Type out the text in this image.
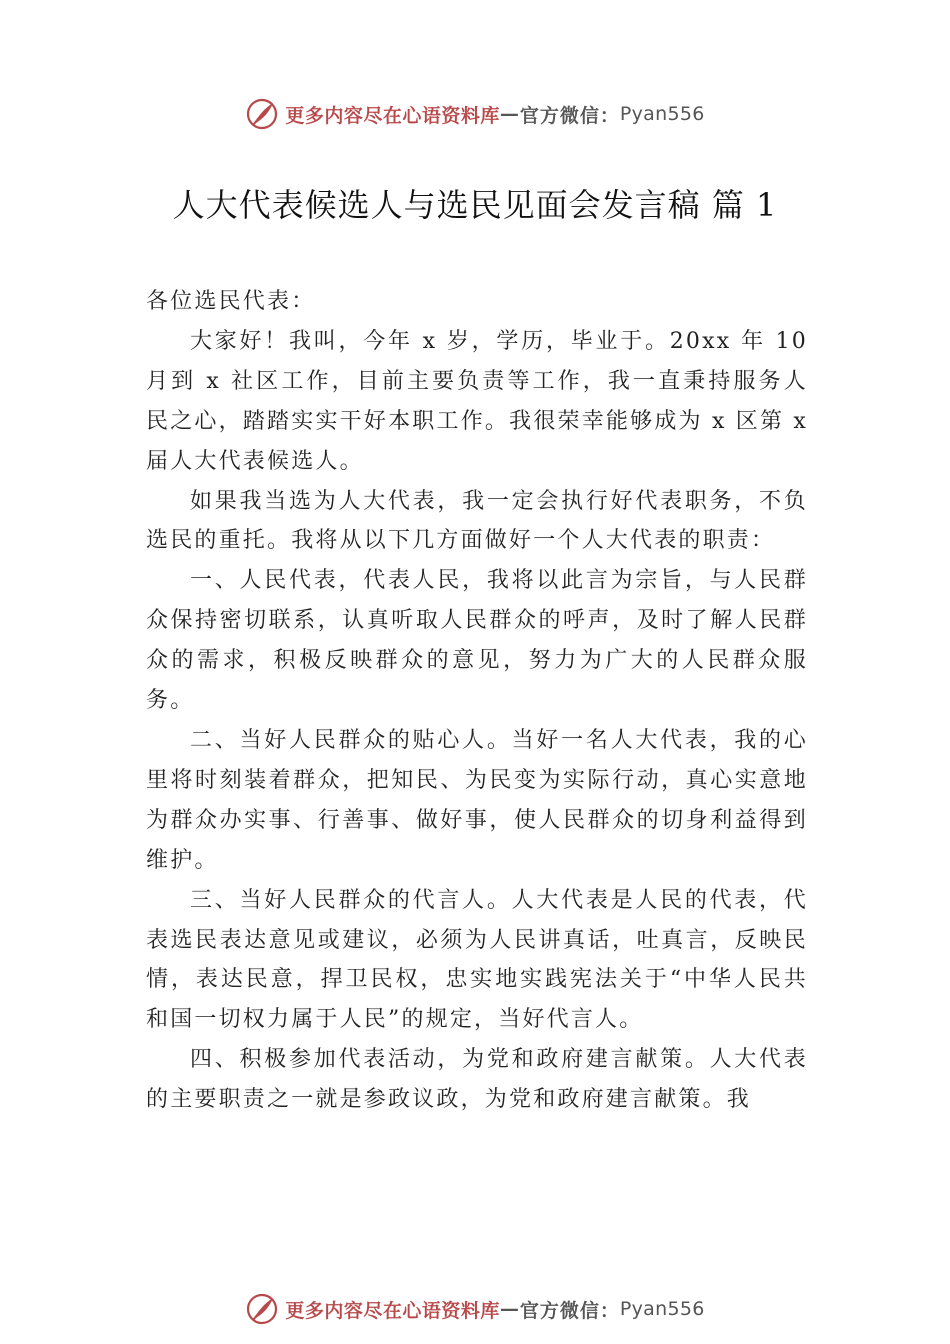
更多内容尽在心语资料库 — 官方微信： Pyan556
人大代表候选人与选民见面会发言稿 篇 1

各位选民代表：

大家好！我叫，今年 x 岁，学历，毕业于。20xx 年 10 月到 x 社区工作，目前主要负责等工作，我一直秉持服务人民之心，踏踏实实干好本职工作。我很荣幸能够成为 x 区第 x 届人大代表候选人。

如果我当选为人大代表，我一定会执行好代表职务，不负选民的重托。我将从以下几方面做好一个人大代表的职责：

一、人民代表，代表人民，我将以此言为宗旨，与人民群众保持密切联系，认真听取人民群众的呼声，及时了解人民群众的需求，积极反映群众的意见，努力为广大的人民群众服务。

二、当好人民群众的贴心人。当好一名人大代表，我的心里将时刻装着群众，把知民、为民变为实际行动，真心实意地为群众办实事、行善事、做好事，使人民群众的切身利益得到维护。

三、当好人民群众的代言人。人大代表是人民的代表，代表选民表达意见或建议，必须为人民讲真话，吐真言，反映民情，表达民意，捍卫民权，忠实地实践宪法关于“中华人民共和国一切权力属于人民”的规定，当好代言人。

四、积极参加代表活动，为党和政府建言献策。人大代表的主要职责之一就是参政议政，为党和政府建言献策。我

更多内容尽在心语资料库 — 官方微信： Pyan556
